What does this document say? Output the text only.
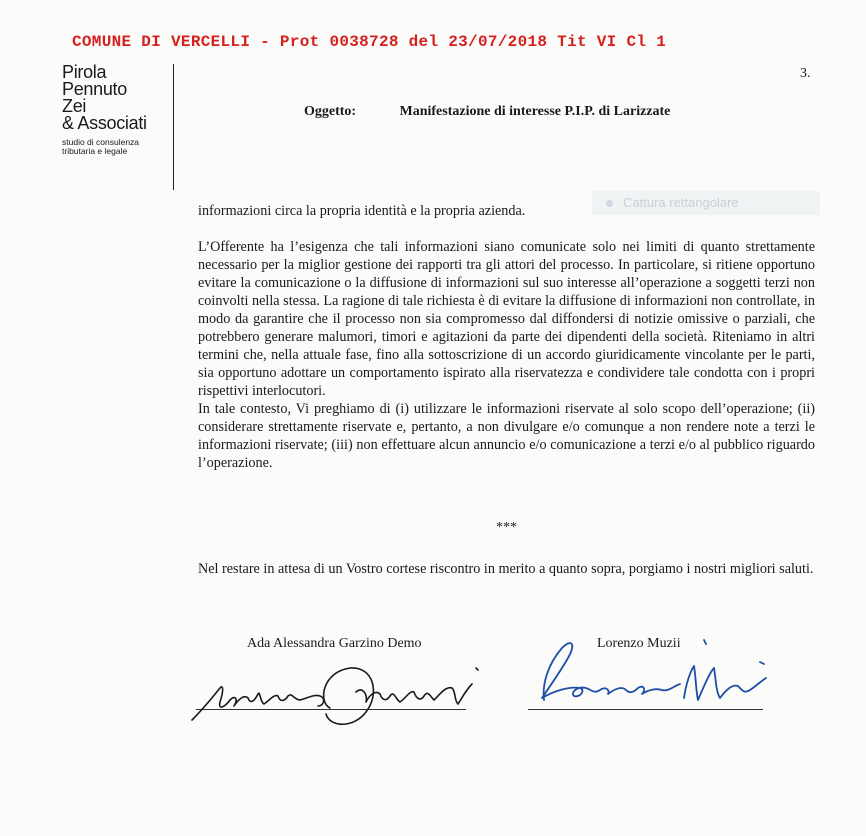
COMUNE DI VERCELLI - Prot 0038728 del 23/07/2018 Tit VI Cl 1
Pirola
Pennuto
Zei
& Associati
studio di consulenza
tributaria e legale
3.
Oggetto:	Manifestazione di interesse P.I.P. di Larizzate
Cattura rettangolare

informazioni circa la propria identità e la propria azienda.

L’Offerente ha l’esigenza che tali informazioni siano comunicate solo nei limiti di quanto strettamente necessario per la miglior gestione dei rapporti tra gli attori del processo. In particolare, si ritiene opportuno evitare la comunicazione o la diffusione di informazioni sul suo interesse all’operazione a soggetti terzi non coinvolti nella stessa. La ragione di tale richiesta è di evitare la diffusione di informazioni non controllate, in modo da garantire che il processo non sia compromesso dal diffondersi di notizie omissive o parziali, che potrebbero generare malumori, timori e agitazioni da parte dei dipendenti della società. Riteniamo in altri termini che, nella attuale fase, fino alla sottoscrizione di un accordo giuridicamente vincolante per le parti, sia opportuno adottare un comportamento ispirato alla riservatezza e condividere tale condotta con i propri rispettivi interlocutori.

In tale contesto, Vi preghiamo di (i) utilizzare le informazioni riservate al solo scopo dell’operazione; (ii) considerare strettamente riservate e, pertanto, a non divulgare e/o comunque a non rendere note a terzi le informazioni riservate; (iii) non effettuare alcun annuncio e/o comunicazione a terzi e/o al pubblico riguardo l’operazione.

***
Nel restare in attesa di un Vostro cortese riscontro in merito a quanto sopra, porgiamo i nostri migliori saluti.
Ada Alessandra Garzino Demo	Lorenzo Muzii
